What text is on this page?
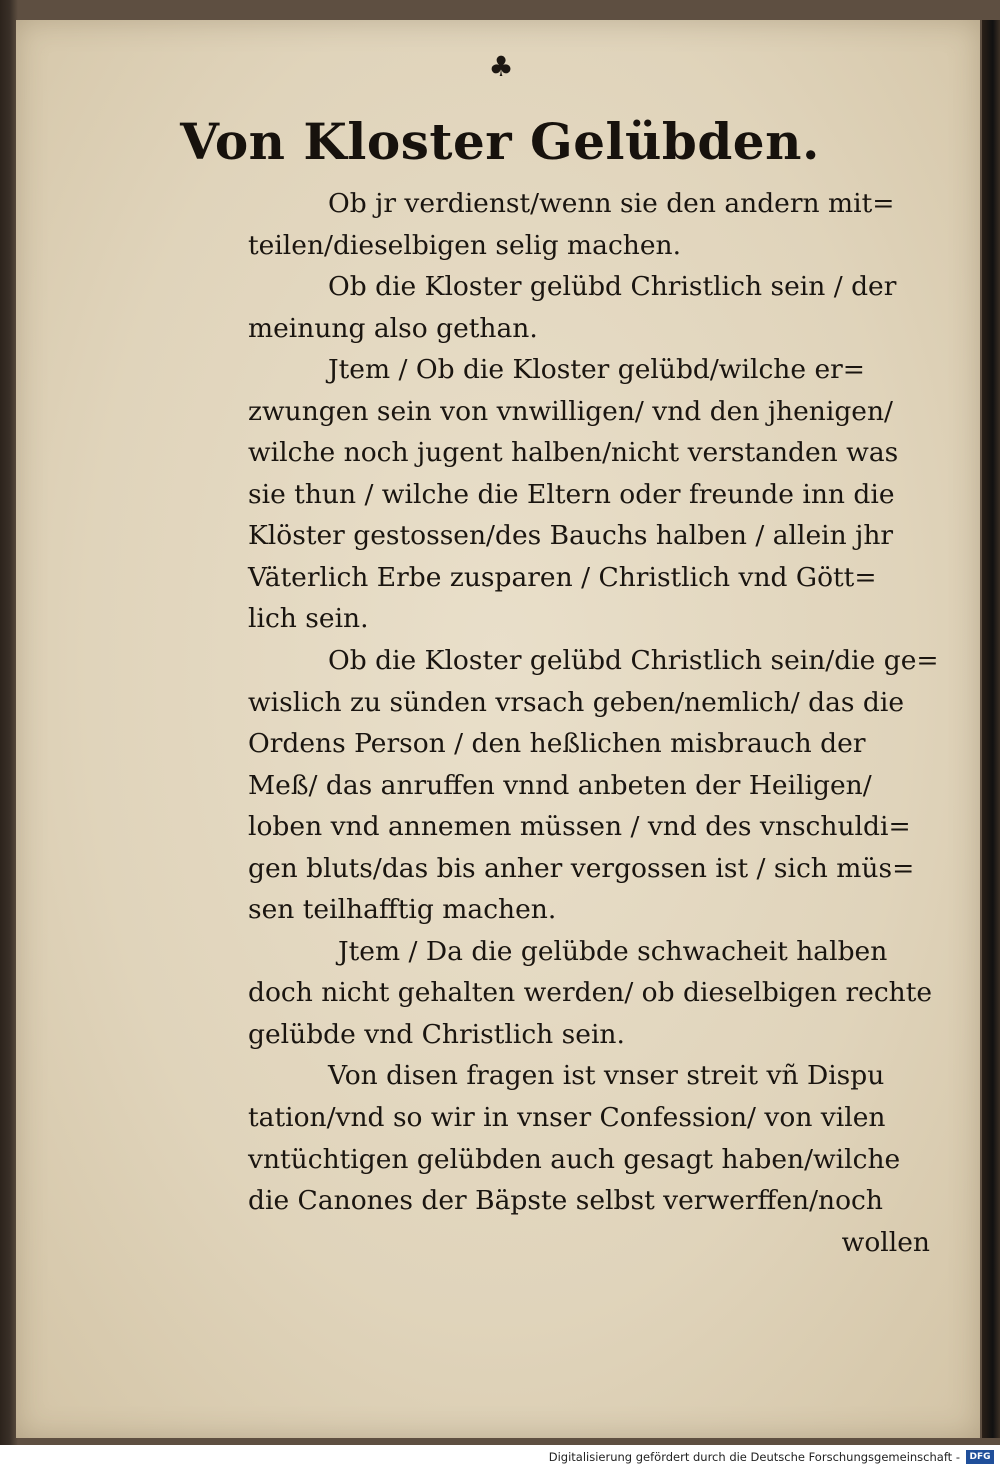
♣
Von Kloster Gelübden.
Ob jr verdienst/wenn sie den andern mit=
teilen/dieselbigen selig machen.
Ob die Kloster gelübd Christlich sein / der
meinung also gethan.
Jtem / Ob die Kloster gelübd/wilche er=
zwungen sein von vnwilligen/ vnd den jhenigen/
wilche noch jugent halben/nicht verstanden was
sie thun / wilche die Eltern oder freunde inn die
Klöster gestossen/des Bauchs halben / allein jhr
Väterlich Erbe zusparen / Christlich vnd Gött=
lich sein.
Ob die Kloster gelübd Christlich sein/die ge=
wislich zu sünden vrsach geben/nemlich/ das die
Ordens Person / den heßlichen misbrauch der
Meß/ das anruffen vnnd anbeten der Heiligen/
loben vnd annemen müssen / vnd des vnschuldi=
gen bluts/das bis anher vergossen ist / sich müs=
sen teilhafftig machen.
Jtem / Da die gelübde schwacheit halben
doch nicht gehalten werden/ ob dieselbigen rechte
gelübde vnd Christlich sein.
Von disen fragen ist vnser streit vñ Dispu
tation/vnd so wir in vnser Confession/ von vilen
vntüchtigen gelübden auch gesagt haben/wilche
die Canones der Bäpste selbst verwerffen/noch
wollen
Digitalisierung gefördert durch die Deutsche Forschungsgemeinschaft -	DFG
